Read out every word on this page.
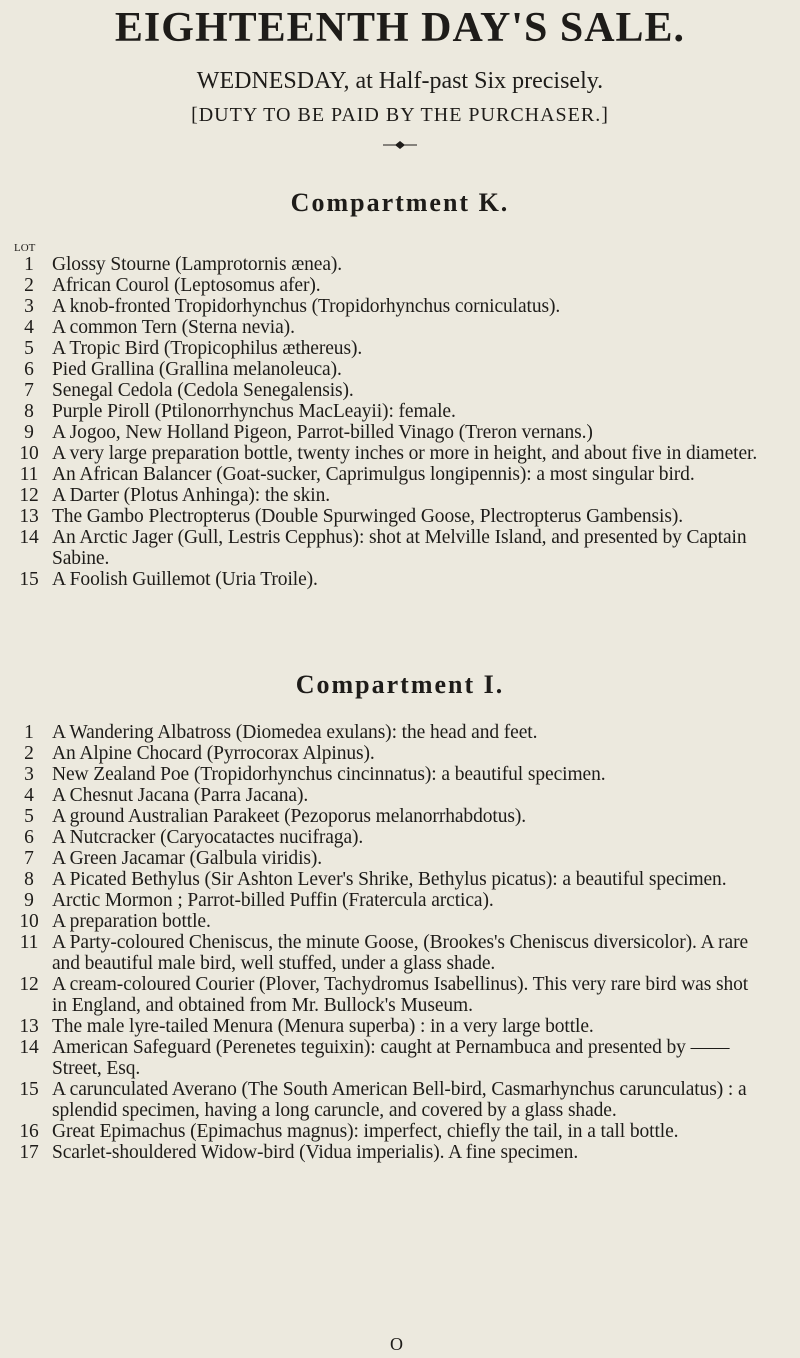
EIGHTEENTH DAY'S SALE.

WEDNESDAY, at Half-past Six precisely.

[DUTY TO BE PAID BY THE PURCHASER.]

Compartment K.
LOT
1 Glossy Stourne (Lamprotornis ænea).
2 African Courol (Leptosomus afer).
3 A knob-fronted Tropidorhynchus (Tropidorhynchus corniculatus).
4 A common Tern (Sterna nevia).
5 A Tropic Bird (Tropicophilus æthereus).
6 Pied Grallina (Grallina melanoleuca).
7 Senegal Cedola (Cedola Senegalensis).
8 Purple Piroll (Ptilonorrhynchus MacLeayii): female.
9 A Jogoo, New Holland Pigeon, Parrot-billed Vinago (Treron vernans.)
10 A very large preparation bottle, twenty inches or more in height, and about five in diameter.
11 An African Balancer (Goat-sucker, Caprimulgus longipennis): a most singular bird.
12 A Darter (Plotus Anhinga): the skin.
13 The Gambo Plectropterus (Double Spurwinged Goose, Plectropterus Gambensis).
14 An Arctic Jager (Gull, Lestris Cepphus): shot at Melville Island, and presented by Captain Sabine.
15 A Foolish Guillemot (Uria Troile).
Compartment I.
1 A Wandering Albatross (Diomedea exulans): the head and feet.
2 An Alpine Chocard (Pyrrocorax Alpinus).
3 New Zealand Poe (Tropidorhynchus cincinnatus): a beautiful specimen.
4 A Chesnut Jacana (Parra Jacana).
5 A ground Australian Parakeet (Pezoporus melanorrhabdotus).
6 A Nutcracker (Caryocatactes nucifraga).
7 A Green Jacamar (Galbula viridis).
8 A Picated Bethylus (Sir Ashton Lever's Shrike, Bethylus picatus): a beautiful specimen.
9 Arctic Mormon ; Parrot-billed Puffin (Fratercula arctica).
10 A preparation bottle.
11 A Party-coloured Cheniscus, the minute Goose, (Brookes's Cheniscus diversicolor). A rare and beautiful male bird, well stuffed, under a glass shade.
12 A cream-coloured Courier (Plover, Tachydromus Isabellinus). This very rare bird was shot in England, and obtained from Mr. Bullock's Museum.
13 The male lyre-tailed Menura (Menura superba) : in a very large bottle.
14 American Safeguard (Perenetes teguixin): caught at Pernambuca and presented by —— Street, Esq.
15 A carunculated Averano (The South American Bell-bird, Casmarhynchus carunculatus) : a splendid specimen, having a long caruncle, and covered by a glass shade.
16 Great Epimachus (Epimachus magnus): imperfect, chiefly the tail, in a tall bottle.
17 Scarlet-shouldered Widow-bird (Vidua imperialis). A fine specimen.
O
